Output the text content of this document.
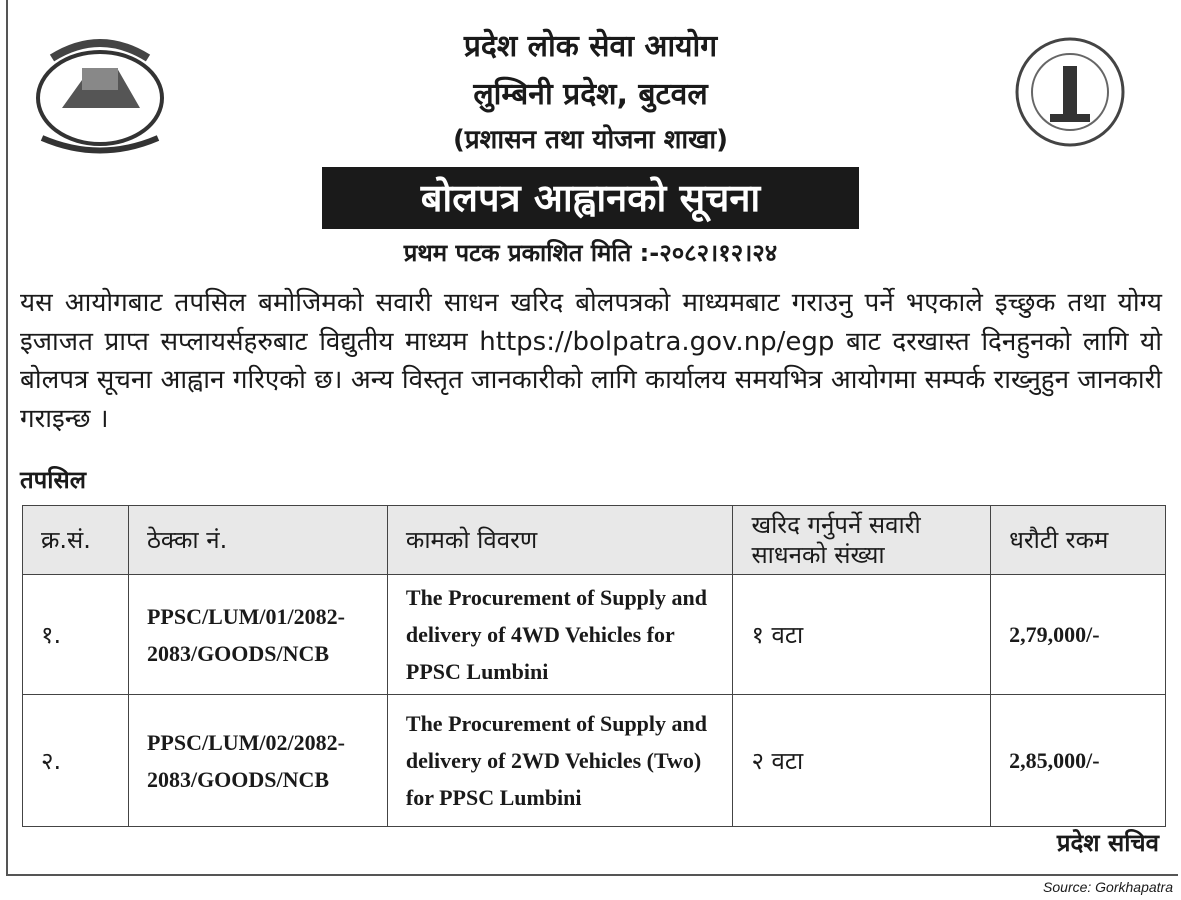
प्रदेश लोक सेवा आयोग
लुम्बिनी प्रदेश, बुटवल
(प्रशासन तथा योजना शाखा)
बोलपत्र आह्वानको सूचना
प्रथम पटक प्रकाशित मिति :-२०८२।१२।२४
यस आयोगबाट तपसिल बमोजिमको सवारी साधन खरिद बोलपत्रको माध्यमबाट गराउनु पर्ने भएकाले इच्छुक तथा योग्य इजाजत प्राप्त सप्लायर्सहरुबाट विद्युतीय माध्यम https://bolpatra.gov.np/egp बाट दरखास्त दिनहुनको लागि यो बोलपत्र सूचना आह्वान गरिएको छ। अन्य विस्तृत जानकारीको लागि कार्यालय समयभित्र आयोगमा सम्पर्क राख्नुहुन जानकारी गराइन्छ ।
तपसिल
क्र.सं.	ठेक्का नं.	कामको विवरण	खरिद गर्नुपर्ने सवारी साधनको संख्या	धरौटी रकम
१.	PPSC/LUM/01/2082-2083/GOODS/NCB	The Procurement of Supply and delivery of 4WD Vehicles for PPSC Lumbini	१ वटा	2,79,000/-
२.	PPSC/LUM/02/2082-2083/GOODS/NCB	The Procurement of Supply and delivery of 2WD Vehicles (Two) for PPSC Lumbini	२ वटा	2,85,000/-
प्रदेश सचिव
Source: Gorkhapatra
